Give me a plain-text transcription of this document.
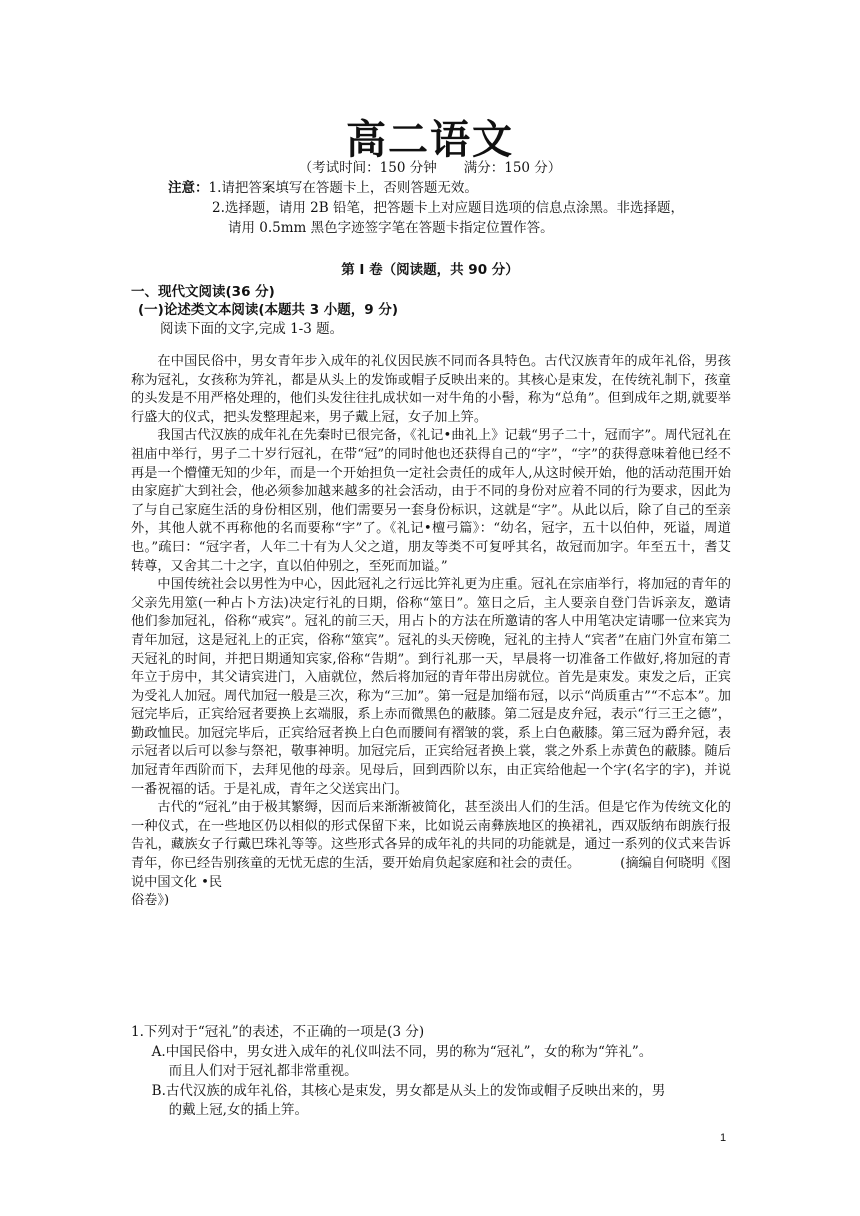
高二语文
（考试时间：150 分钟　　满分：150 分）
注意：1.请把答案填写在答题卡上，否则答题无效。
2.选择题，请用 2B 铅笔，把答题卡上对应题目选项的信息点涂黑。非选择题，
请用 0.5mm 黑色字迹签字笔在答题卡指定位置作答。
第 I 卷（阅读题，共 90 分）
一、现代文阅读(36 分)
(一)论述类文本阅读(本题共 3 小题，9 分)
阅读下面的文字,完成 1-3 题。

在中国民俗中，男女青年步入成年的礼仪因民族不同而各具特色。古代汉族青年的成年礼俗，男孩称为冠礼，女孩称为笄礼，都是从头上的发饰或帽子反映出来的。其核心是束发，在传统礼制下，孩童的头发是不用严格处理的，他们头发往往扎成状如一对牛角的小髻，称为“总角”。但到成年之期,就要举行盛大的仪式，把头发整理起来，男子戴上冠，女子加上笄。

我国古代汉族的成年礼在先秦时已很完备，《礼记•曲礼上》记载“男子二十，冠而字”。周代冠礼在祖庙中举行，男子二十岁行冠礼，在带“冠”的同时他也还获得自己的“字”，“字”的获得意味着他已经不再是一个懵懂无知的少年，而是一个开始担负一定社会责任的成年人,从这时候开始，他的活动范围开始由家庭扩大到社会，他必须参加越来越多的社会活动，由于不同的身份对应着不同的行为要求，因此为了与自己家庭生活的身份相区别，他们需要另一套身份标识，这就是“字”。从此以后，除了自己的至亲外，其他人就不再称他的名而要称“字”了。《礼记•檀弓篇》：“幼名，冠字，五十以伯仲，死谥，周道也。”疏曰：“冠字者，人年二十有为人父之道，朋友等类不可复呼其名，故冠而加字。年至五十，耆艾转尊，又舍其二十之字，直以伯仲别之，至死而加谥。”

中国传统社会以男性为中心，因此冠礼之行远比笄礼更为庄重。冠礼在宗庙举行，将加冠的青年的父亲先用筮(一种占卜方法)决定行礼的日期，俗称“筮日”。筮日之后，主人要亲自登门告诉亲友，邀请他们参加冠礼，俗称“戒宾”。冠礼的前三天，用占卜的方法在所邀请的客人中用笔决定请哪一位来宾为青年加冠，这是冠礼上的正宾，俗称“筮宾”。冠礼的头天傍晚，冠礼的主持人“宾者”在庙门外宣布第二天冠礼的时间，并把日期通知宾家,俗称“告期”。到行礼那一天，早晨将一切准备工作做好,将加冠的青年立于房中，其父请宾进门，入庙就位，然后将加冠的青年带出房就位。首先是束发。束发之后，正宾为受礼人加冠。周代加冠一般是三次，称为“三加”。第一冠是加缁布冠，以示“尚质重古”“不忘本”。加冠完毕后，正宾给冠者要换上玄端服，系上赤而微黑色的蔽膝。第二冠是皮弁冠，表示“行三王之德”，勤政恤民。加冠完毕后，正宾给冠者换上白色而腰间有褶皱的裳，系上白色蔽膝。第三冠为爵弁冠，表示冠者以后可以参与祭祀，敬事神明。加冠完后，正宾给冠者换上裳，裳之外系上赤黄色的蔽膝。随后加冠青年西阶而下，去拜见他的母亲。见母后，回到西阶以东，由正宾给他起一个字(名字的字)，并说一番祝福的话。于是礼成，青年之父送宾出门。

古代的“冠礼”由于极其繁缛，因而后来渐渐被简化，甚至淡出人们的生活。但是它作为传统文化的一种仪式，在一些地区仍以相似的形式保留下来，比如说云南彝族地区的换裙礼，西双版纳布朗族行报告礼，藏族女子行戴巴珠礼等等。这些形式各异的成年礼的共同的功能就是，通过一系列的仪式来告诉青年，你已经告别孩童的无忧无虑的生活，要开始肩负起家庭和社会的责任。	(摘编自何晓明《图说中国文化 •民

俗卷》)

1.下列对于“冠礼”的表述，不正确的一项是(3 分)

A.中国民俗中，男女进入成年的礼仪叫法不同，男的称为“冠礼”，女的称为“笄礼”。
而且人们对于冠礼都非常重视。

B.古代汉族的成年礼俗，其核心是束发，男女都是从头上的发饰或帽子反映出来的，男
的戴上冠,女的插上笄。

1
